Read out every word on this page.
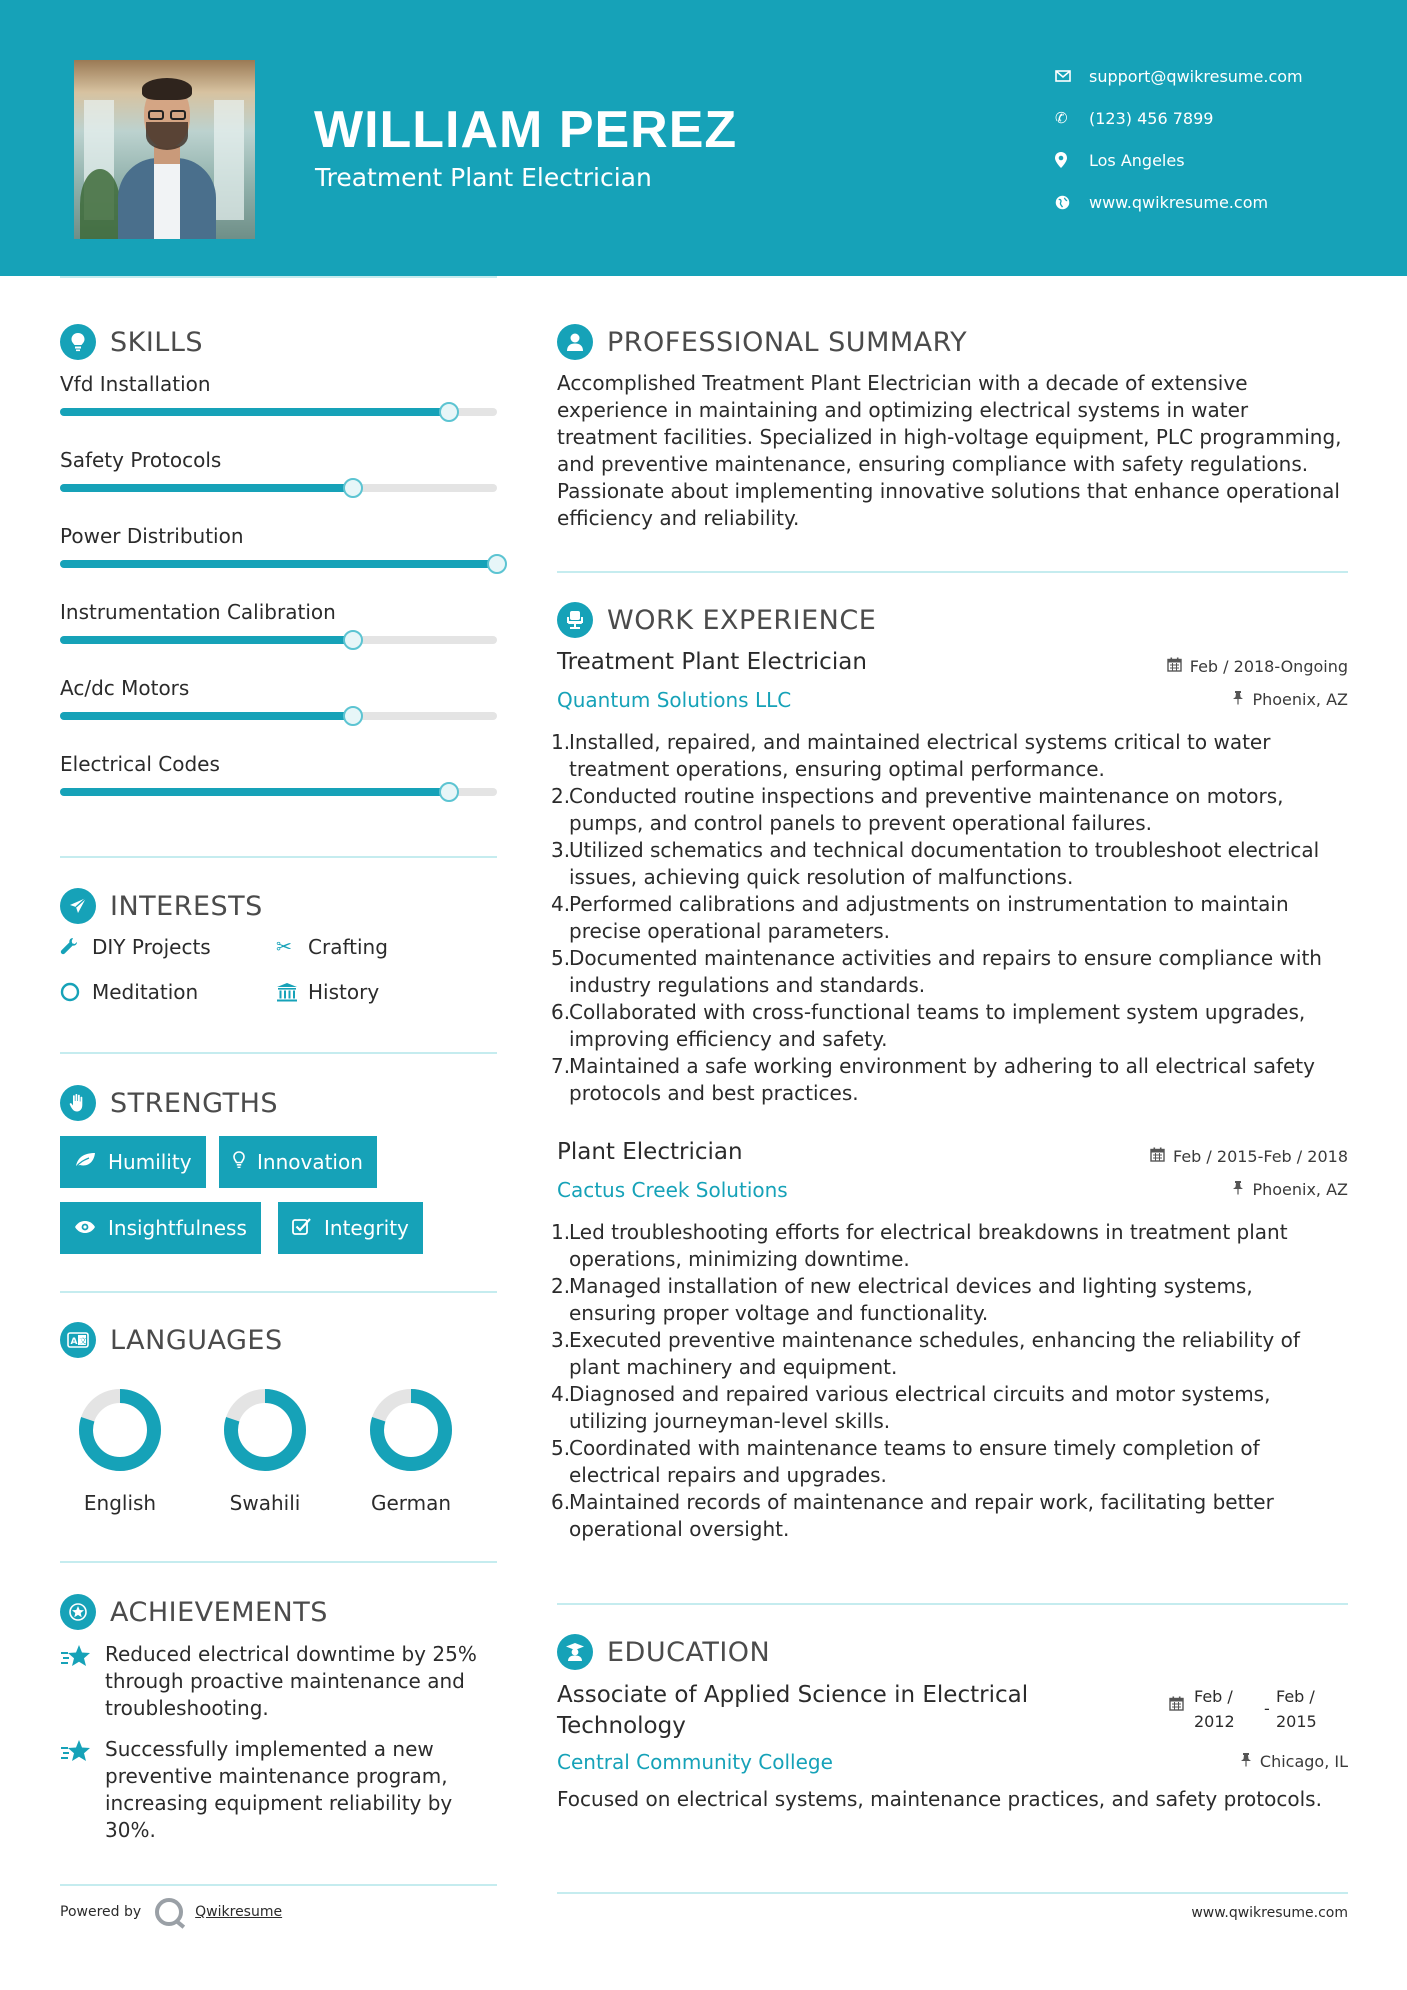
WILLIAM PEREZ
Treatment Plant Electrician
support@qwikresume.com
✆	(123) 456 7899
Los Angeles
www.qwikresume.com
SKILLS
Vfd Installation
Safety Protocols
Power Distribution
Instrumentation Calibration
Ac/dc Motors
Electrical Codes
INTERESTS
DIY Projects	✂ Crafting
Meditation	History
STRENGTHS
Humility	Innovation
Insightfulness	Integrity
A 文 LANGUAGES
English	Swahili	German
ACHIEVEMENTS
Reduced electrical downtime by 25% through proactive maintenance and troubleshooting.
Successfully implemented a new preventive maintenance program, increasing equipment reliability by 30%.
PROFESSIONAL SUMMARY
Accomplished Treatment Plant Electrician with a decade of extensive experience in maintaining and optimizing electrical systems in water treatment facilities. Specialized in high-voltage equipment, PLC programming, and preventive maintenance, ensuring compliance with safety regulations. Passionate about implementing innovative solutions that enhance operational efficiency and reliability.
WORK EXPERIENCE
Treatment Plant Electrician	Feb / 2018-Ongoing
Quantum Solutions LLC	Phoenix, AZ
1.
Installed, repaired, and maintained electrical systems critical to water treatment operations, ensuring optimal performance.
2.
Conducted routine inspections and preventive maintenance on motors, pumps, and control panels to prevent operational failures.
3.
Utilized schematics and technical documentation to troubleshoot electrical issues, achieving quick resolution of malfunctions.
4.
Performed calibrations and adjustments on instrumentation to maintain precise operational parameters.
5.
Documented maintenance activities and repairs to ensure compliance with industry regulations and standards.
6.
Collaborated with cross-functional teams to implement system upgrades, improving efficiency and safety.
7.
Maintained a safe working environment by adhering to all electrical safety protocols and best practices.
Plant Electrician	Feb / 2015-Feb / 2018
Cactus Creek Solutions	Phoenix, AZ
1.
Led troubleshooting efforts for electrical breakdowns in treatment plant operations, minimizing downtime.
2.
Managed installation of new electrical devices and lighting systems, ensuring proper voltage and functionality.
3.
Executed preventive maintenance schedules, enhancing the reliability of plant machinery and equipment.
4.
Diagnosed and repaired various electrical circuits and motor systems, utilizing journeyman-level skills.
5.
Coordinated with maintenance teams to ensure timely completion of electrical repairs and upgrades.
6.
Maintained records of maintenance and repair work, facilitating better operational oversight.
EDUCATION
Associate of Applied Science in Electrical
Technology
Feb /
2012
-
Feb /
2015
Central Community College	Chicago, IL
Focused on electrical systems, maintenance practices, and safety protocols.
Powered by	Qwikresume	www.qwikresume.com
